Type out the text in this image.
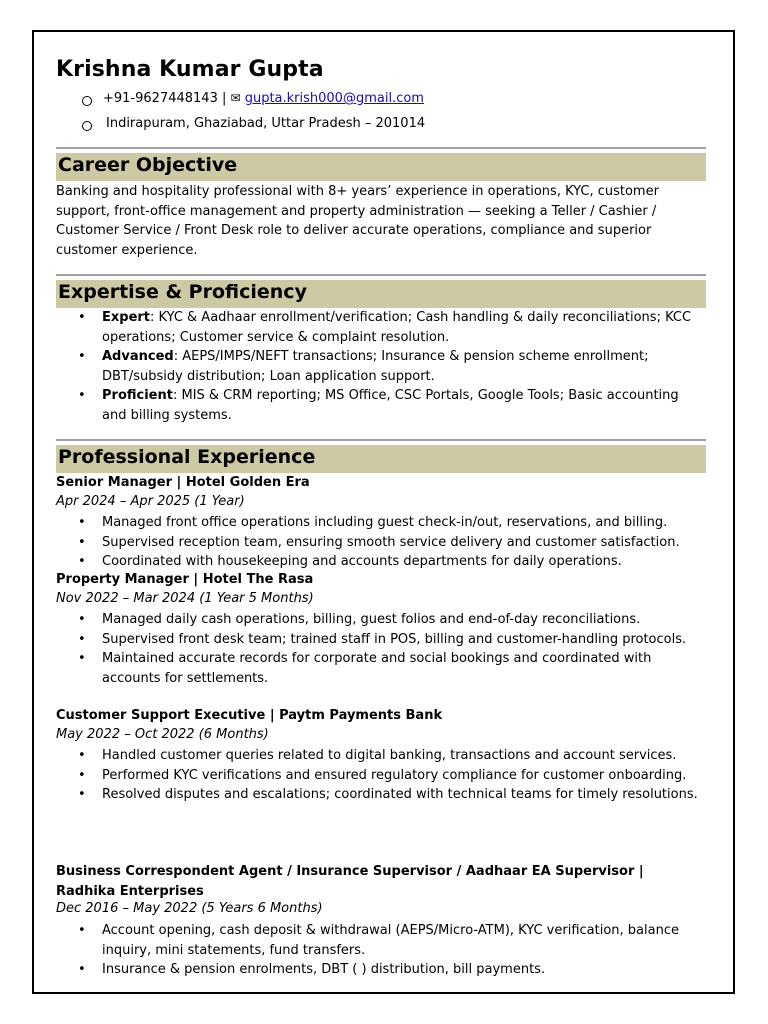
Krishna Kumar Gupta
+91-9627448143 | ✉ gupta.krish000@gmail.com
Indirapuram, Ghaziabad, Uttar Pradesh – 201014
Career Objective
Banking and hospitality professional with 8+ years’ experience in operations, KYC, customer support, front-office management and property administration — seeking a Teller / Cashier / Customer Service / Front Desk role to deliver accurate operations, compliance and superior customer experience.
Expertise & Proficiency
• Expert: KYC & Aadhaar enrollment/verification; Cash handling & daily reconciliations; KCC operations; Customer service & complaint resolution.
• Advanced: AEPS/IMPS/NEFT transactions; Insurance & pension scheme enrollment; DBT/subsidy distribution; Loan application support.
• Proficient: MIS & CRM reporting; MS Office, CSC Portals, Google Tools; Basic accounting and billing systems.
Professional Experience
Senior Manager | Hotel Golden Era
Apr 2024 – Apr 2025 (1 Year)
• Managed front office operations including guest check-in/out, reservations, and billing.
• Supervised reception team, ensuring smooth service delivery and customer satisfaction.
• Coordinated with housekeeping and accounts departments for daily operations.
Property Manager | Hotel The Rasa
Nov 2022 – Mar 2024 (1 Year 5 Months)
• Managed daily cash operations, billing, guest folios and end-of-day reconciliations.
• Supervised front desk team; trained staff in POS, billing and customer-handling protocols.
• Maintained accurate records for corporate and social bookings and coordinated with accounts for settlements.
Customer Support Executive | Paytm Payments Bank
May 2022 – Oct 2022 (6 Months)
• Handled customer queries related to digital banking, transactions and account services.
• Performed KYC verifications and ensured regulatory compliance for customer onboarding.
• Resolved disputes and escalations; coordinated with technical teams for timely resolutions.
Business Correspondent Agent / Insurance Supervisor / Aadhaar EA Supervisor | Radhika Enterprises
Dec 2016 – May 2022 (5 Years 6 Months)
• Account opening, cash deposit & withdrawal (AEPS/Micro-ATM), KYC verification, balance inquiry, mini statements, fund transfers.
• Insurance & pension enrolments, DBT ( ) distribution, bill payments.
